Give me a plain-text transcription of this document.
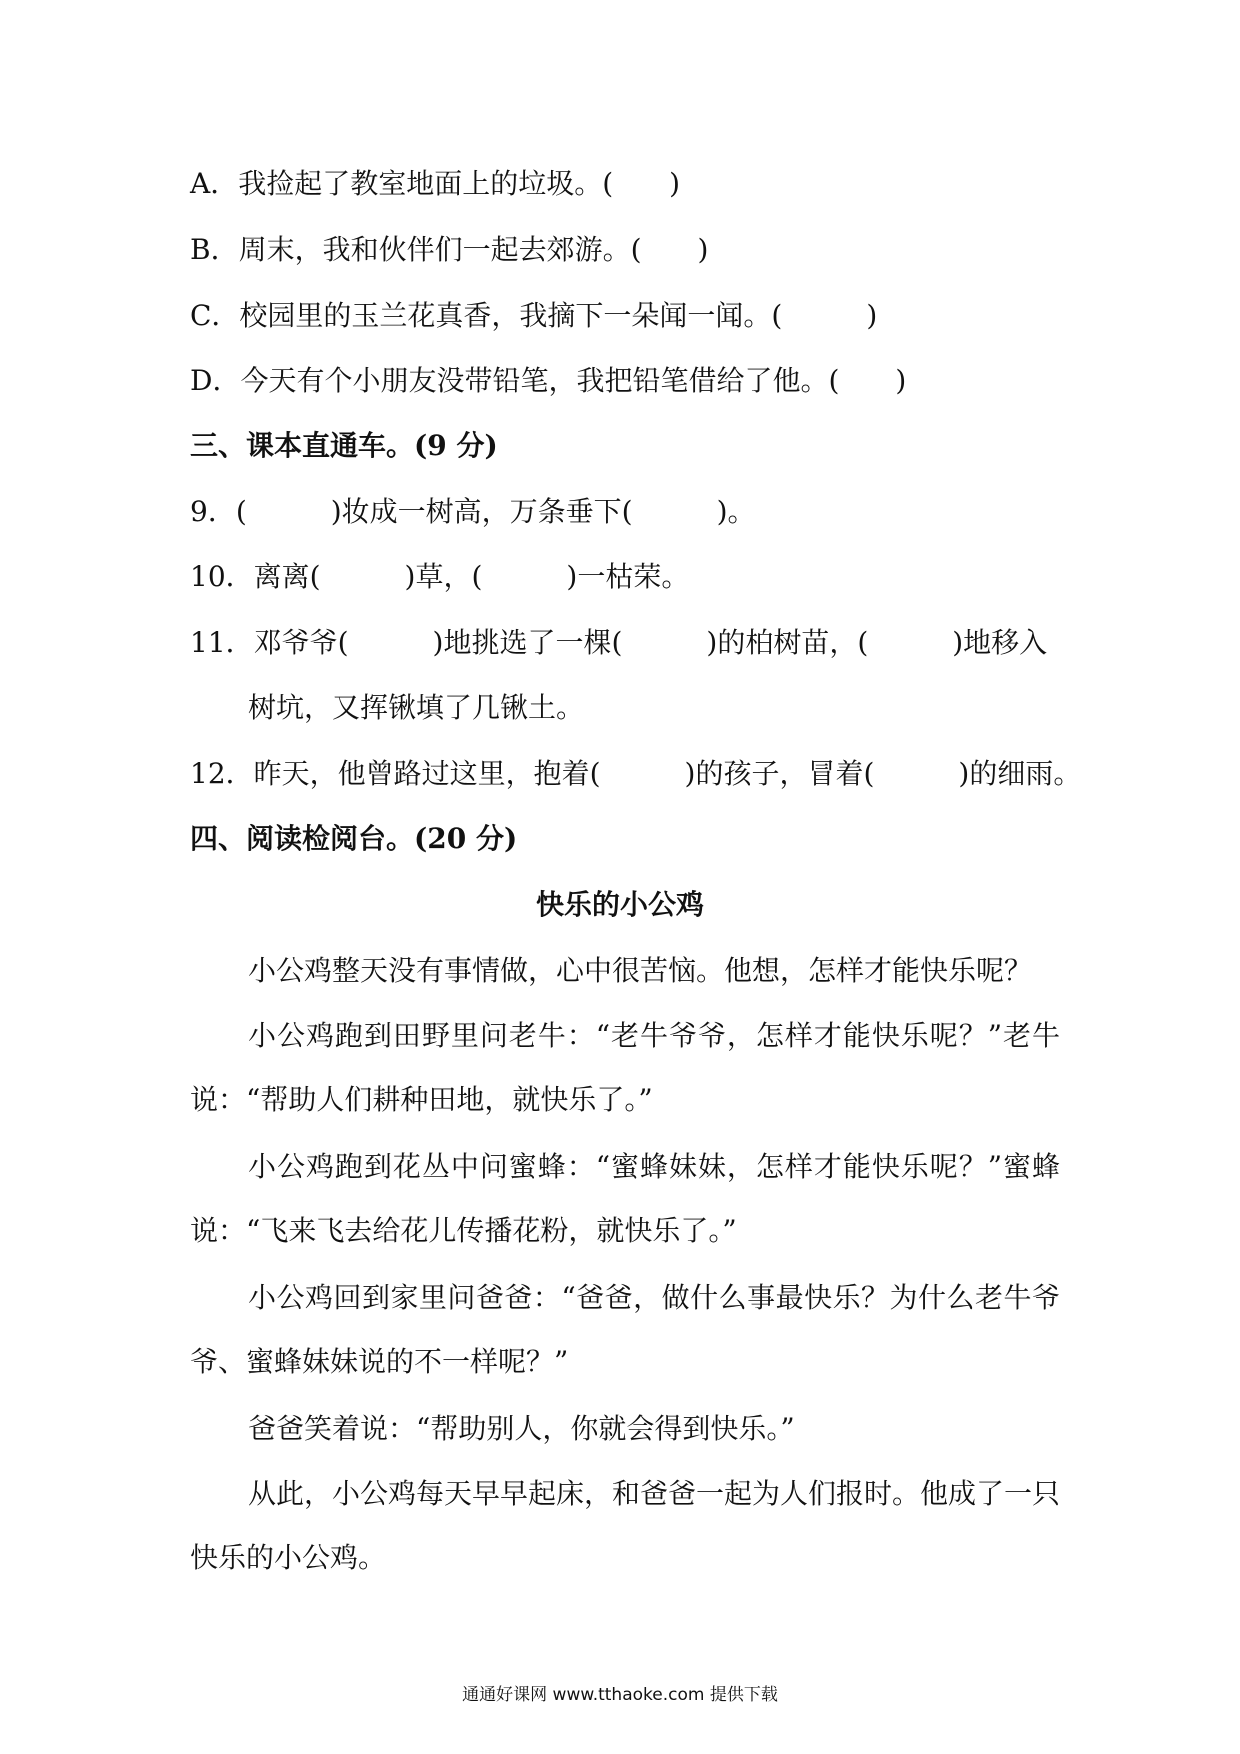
A．我捡起了教室地面上的垃圾。(　　)
B．周末，我和伙伴们一起去郊游。(　　)
C．校园里的玉兰花真香，我摘下一朵闻一闻。(　　　)
D．今天有个小朋友没带铅笔，我把铅笔借给了他。(　　)
三、课本直通车。(9 分)
9．(　　　)妆成一树高，万条垂下(　　　)。
10．离离(　　　)草，(　　　)一枯荣。
11．邓爷爷(　　　)地挑选了一棵(　　　)的柏树苗，(　　　)地移入
树坑，又挥锹填了几锹土。
12．昨天，他曾路过这里，抱着(　　　)的孩子，冒着(　　　)的细雨。
四、阅读检阅台。(20 分)
快乐的小公鸡
小公鸡整天没有事情做，心中很苦恼。他想，怎样才能快乐呢？
小公鸡跑到田野里问老牛：“老牛爷爷，怎样才能快乐呢？”老牛说：“帮助人们耕种田地，就快乐了。”
小公鸡跑到花丛中问蜜蜂：“蜜蜂妹妹，怎样才能快乐呢？”蜜蜂说：“飞来飞去给花儿传播花粉，就快乐了。”
小公鸡回到家里问爸爸：“爸爸，做什么事最快乐？为什么老牛爷爷、蜜蜂妹妹说的不一样呢？”
爸爸笑着说：“帮助别人，你就会得到快乐。”
从此，小公鸡每天早早起床，和爸爸一起为人们报时。他成了一只快乐的小公鸡。
通通好课网 www.tthaoke.com 提供下载
